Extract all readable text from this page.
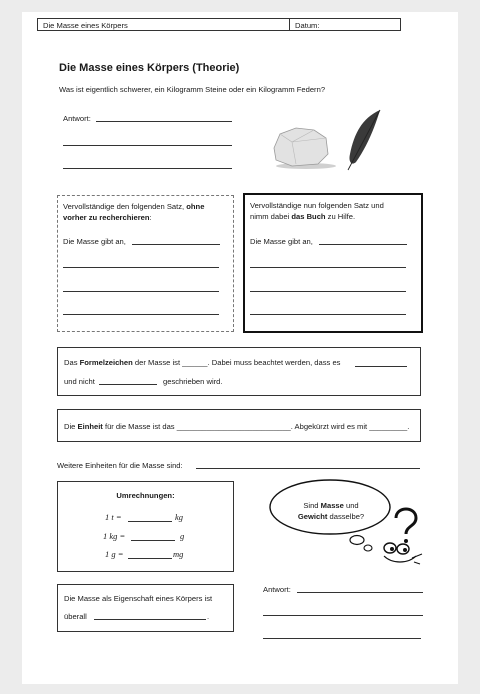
Die Masse eines Körpers	Datum:
Die Masse eines Körpers (Theorie)
Was ist eigentlich schwerer, ein Kilogramm Steine oder ein Kilogramm Federn?
Antwort:
Vervollständige den folgenden Satz, ohne
vorher zu recherchieren:
Die Masse gibt an,
Vervollständige nun folgenden Satz und
nimm dabei das Buch zu Hilfe.
Die Masse gibt an,
Das Formelzeichen der Masse ist ______. Dabei muss beachtet werden, dass es
und nicht	geschrieben wird.
Die Einheit für die Masse ist das ___________________________. Abgekürzt wird es mit _________.
Weitere Einheiten für die Masse sind:
Umrechnungen:
1 t =	kg
1 kg =	g
1 g =	mg
Sind Masse und
Gewicht dasselbe?
Die Masse als Eigenschaft eines Körpers ist
überall	.
Antwort:
